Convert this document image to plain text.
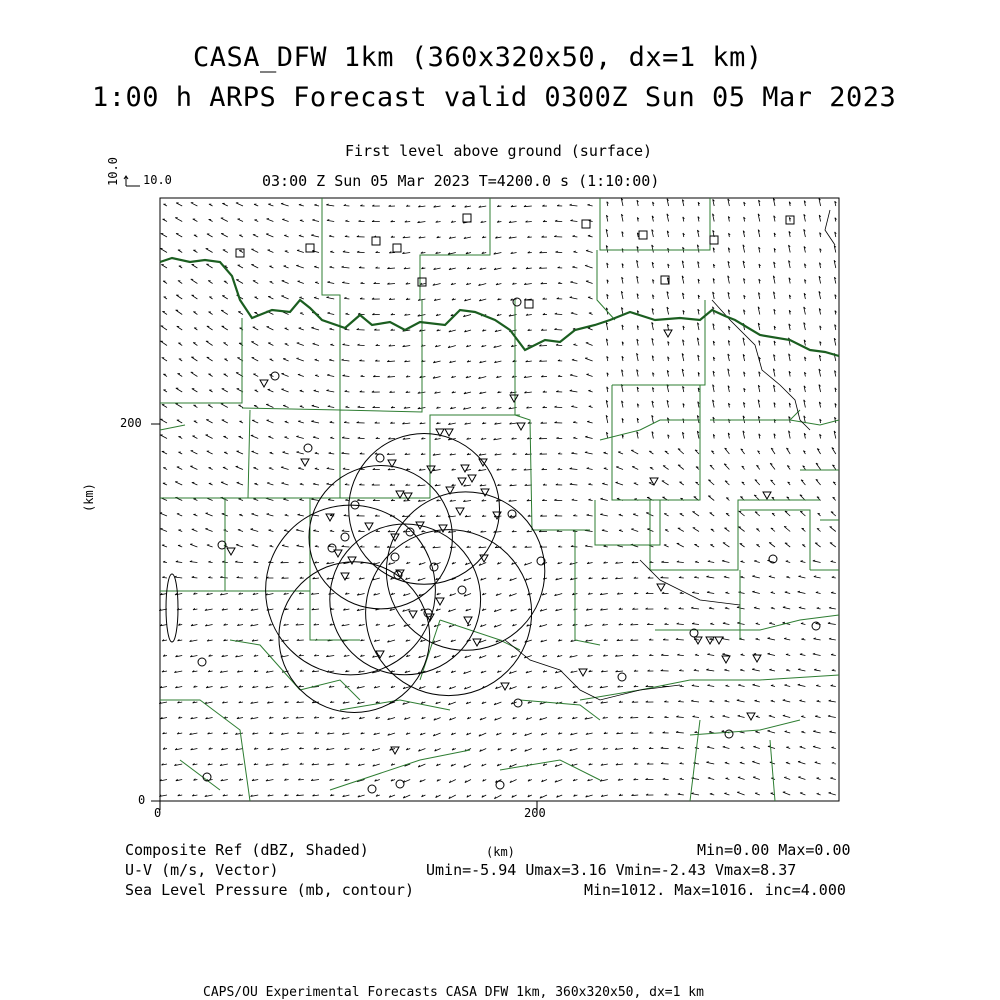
CASA_DFW 1km (360x320x50, dx=1 km)
1:00 h ARPS Forecast valid 0300Z Sun 05 Mar 2023
First level above ground (surface)
03:00 Z Sun 05 Mar 2023 T=4200.0 s (1:10:00)
10.0 10.0
0	200
0
200
(km)
(km)
Composite Ref (dBZ, Shaded)	Min=0.00 Max=0.00
U-V (m/s, Vector)	Umin=-5.94 Umax=3.16 Vmin=-2.43 Vmax=8.37
Sea Level Pressure (mb, contour)	Min=1012. Max=1016. inc=4.000
CAPS/OU Experimental Forecasts CASA DFW 1km, 360x320x50, dx=1 km
